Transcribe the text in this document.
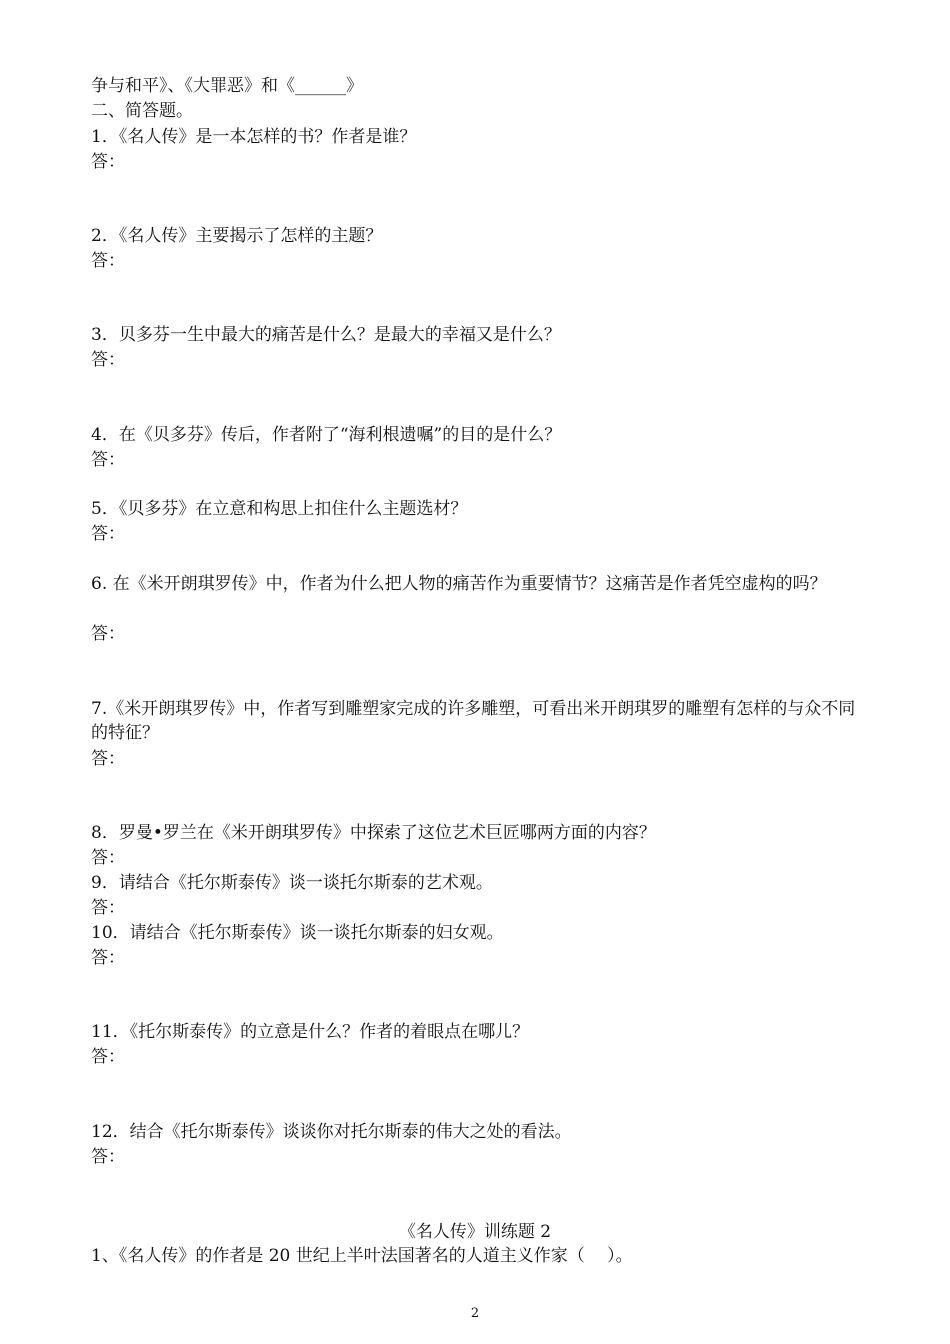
争与和平》、《大罪恶》和《______》
二、简答题。
1．《名人传》是一本怎样的书？作者是谁？
答：
2．《名人传》主要揭示了怎样的主题？
答：
3．贝多芬一生中最大的痛苦是什么？是最大的幸福又是什么？
答：
4．在《贝多芬》传后，作者附了“海利根遗嘱”的目的是什么？
答：
5．《贝多芬》在立意和构思上扣住什么主题选材？
答：
6. 在《米开朗琪罗传》中，作者为什么把人物的痛苦作为重要情节？这痛苦是作者凭空虚构的吗？
答：
7.《米开朗琪罗传》中，作者写到雕塑家完成的许多雕塑，可看出米开朗琪罗的雕塑有怎样的与众不同的特征？
答：
8．罗曼•罗兰在《米开朗琪罗传》中探索了这位艺术巨匠哪两方面的内容？
答：
9．请结合《托尔斯泰传》谈一谈托尔斯泰的艺术观。
答：
10．请结合《托尔斯泰传》谈一谈托尔斯泰的妇女观。
答：
11．《托尔斯泰传》的立意是什么？作者的着眼点在哪儿？
答：
12．结合《托尔斯泰传》谈谈你对托尔斯泰的伟大之处的看法。
答：
《名人传》训练题 2
1、《名人传》的作者是 20 世纪上半叶法国著名的人道主义作家（　 ）。
2
